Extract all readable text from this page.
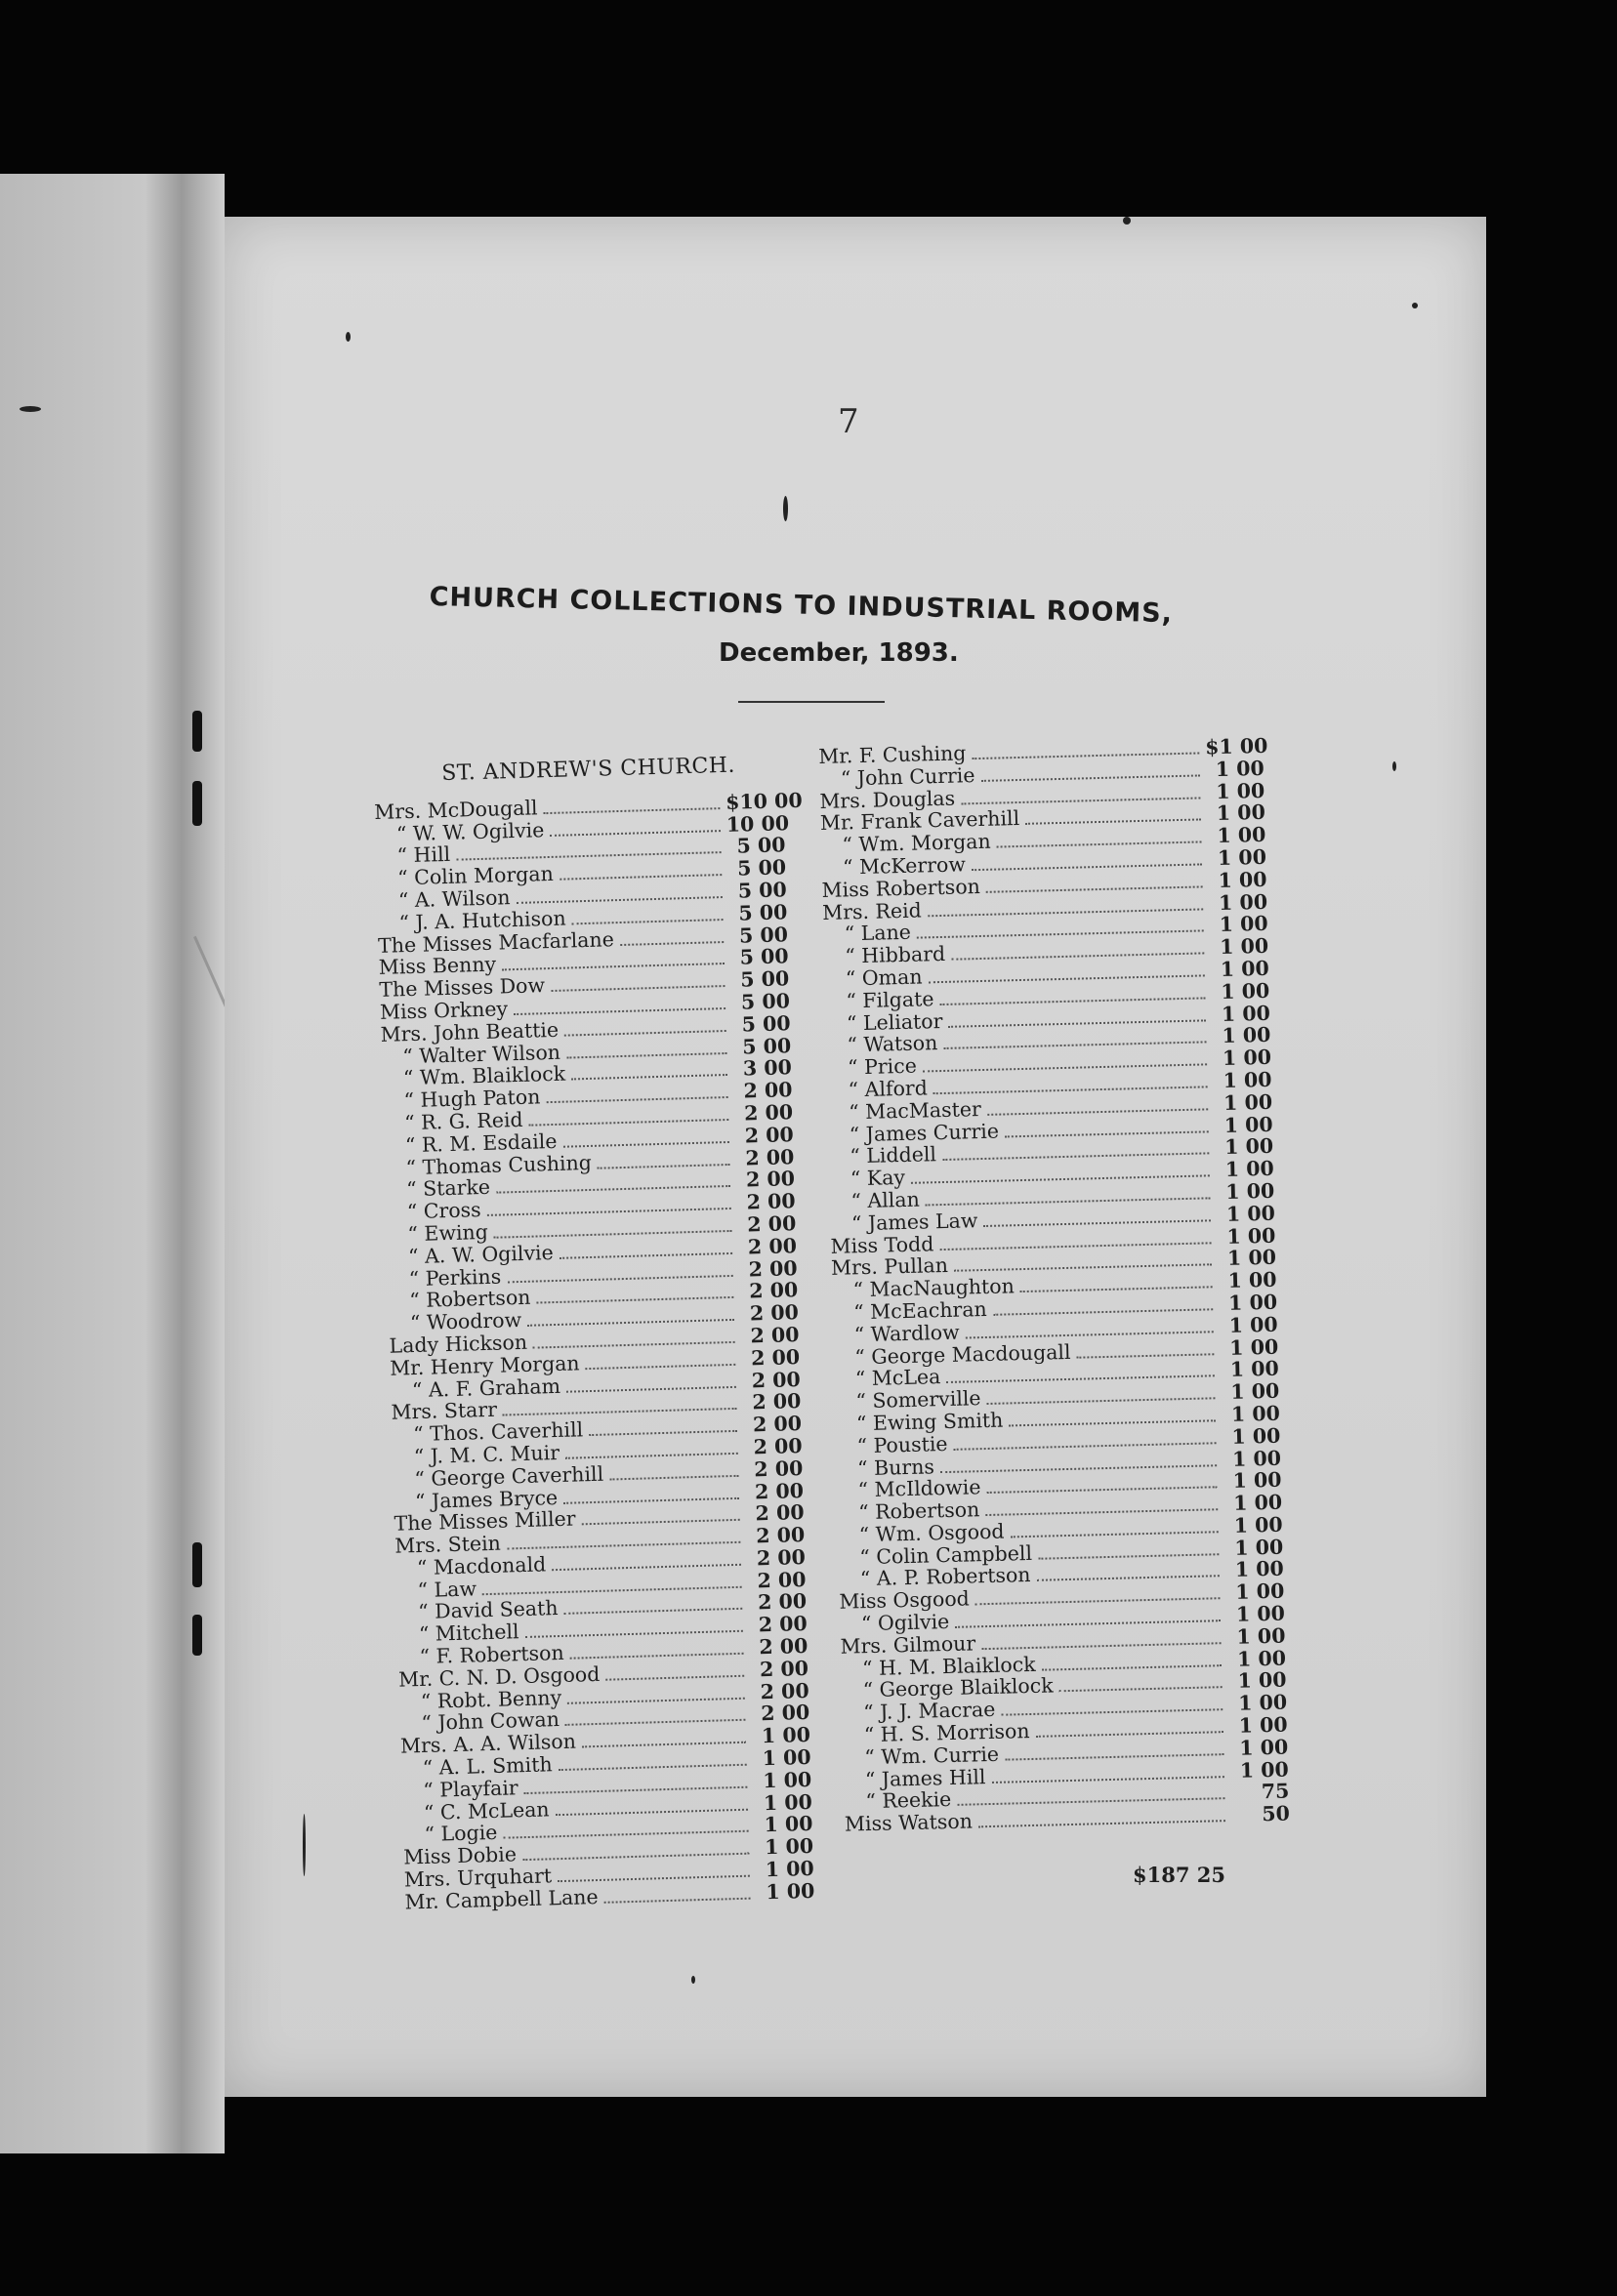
7
CHURCH COLLECTIONS TO INDUSTRIAL ROOMS,
December, 1893.
ST. ANDREW'S CHURCH.
Mrs. McDougall	$10 00
“ W. W. Ogilvie	10 00
“ Hill	5 00
“ Colin Morgan	5 00
“ A. Wilson	5 00
“ J. A. Hutchison	5 00
The Misses Macfarlane	5 00
Miss Benny	5 00
The Misses Dow	5 00
Miss Orkney	5 00
Mrs. John Beattie	5 00
“ Walter Wilson	5 00
“ Wm. Blaiklock	3 00
“ Hugh Paton	2 00
“ R. G. Reid	2 00
“ R. M. Esdaile	2 00
“ Thomas Cushing	2 00
“ Starke	2 00
“ Cross	2 00
“ Ewing	2 00
“ A. W. Ogilvie	2 00
“ Perkins	2 00
“ Robertson	2 00
“ Woodrow	2 00
Lady Hickson	2 00
Mr. Henry Morgan	2 00
“ A. F. Graham	2 00
Mrs. Starr	2 00
“ Thos. Caverhill	2 00
“ J. M. C. Muir	2 00
“ George Caverhill	2 00
“ James Bryce	2 00
The Misses Miller	2 00
Mrs. Stein	2 00
“ Macdonald	2 00
“ Law	2 00
“ David Seath	2 00
“ Mitchell	2 00
“ F. Robertson	2 00
Mr. C. N. D. Osgood	2 00
“ Robt. Benny	2 00
“ John Cowan	2 00
Mrs. A. A. Wilson	1 00
“ A. L. Smith	1 00
“ Playfair	1 00
“ C. McLean	1 00
“ Logie	1 00
Miss Dobie	1 00
Mrs. Urquhart	1 00
Mr. Campbell Lane	1 00
Mr. F. Cushing	$1 00
“ John Currie	1 00
Mrs. Douglas	1 00
Mr. Frank Caverhill	1 00
“ Wm. Morgan	1 00
“ McKerrow	1 00
Miss Robertson	1 00
Mrs. Reid	1 00
“ Lane	1 00
“ Hibbard	1 00
“ Oman	1 00
“ Filgate	1 00
“ Leliator	1 00
“ Watson	1 00
“ Price	1 00
“ Alford	1 00
“ MacMaster	1 00
“ James Currie	1 00
“ Liddell	1 00
“ Kay	1 00
“ Allan	1 00
“ James Law	1 00
Miss Todd	1 00
Mrs. Pullan	1 00
“ MacNaughton	1 00
“ McEachran	1 00
“ Wardlow	1 00
“ George Macdougall	1 00
“ McLea	1 00
“ Somerville	1 00
“ Ewing Smith	1 00
“ Poustie	1 00
“ Burns	1 00
“ McIldowie	1 00
“ Robertson	1 00
“ Wm. Osgood	1 00
“ Colin Campbell	1 00
“ A. P. Robertson	1 00
Miss Osgood	1 00
“ Ogilvie	1 00
Mrs. Gilmour	1 00
“ H. M. Blaiklock	1 00
“ George Blaiklock	1 00
“ J. J. Macrae	1 00
“ H. S. Morrison	1 00
“ Wm. Currie	1 00
“ James Hill	1 00
“ Reekie	75
Miss Watson	50
$187 25
